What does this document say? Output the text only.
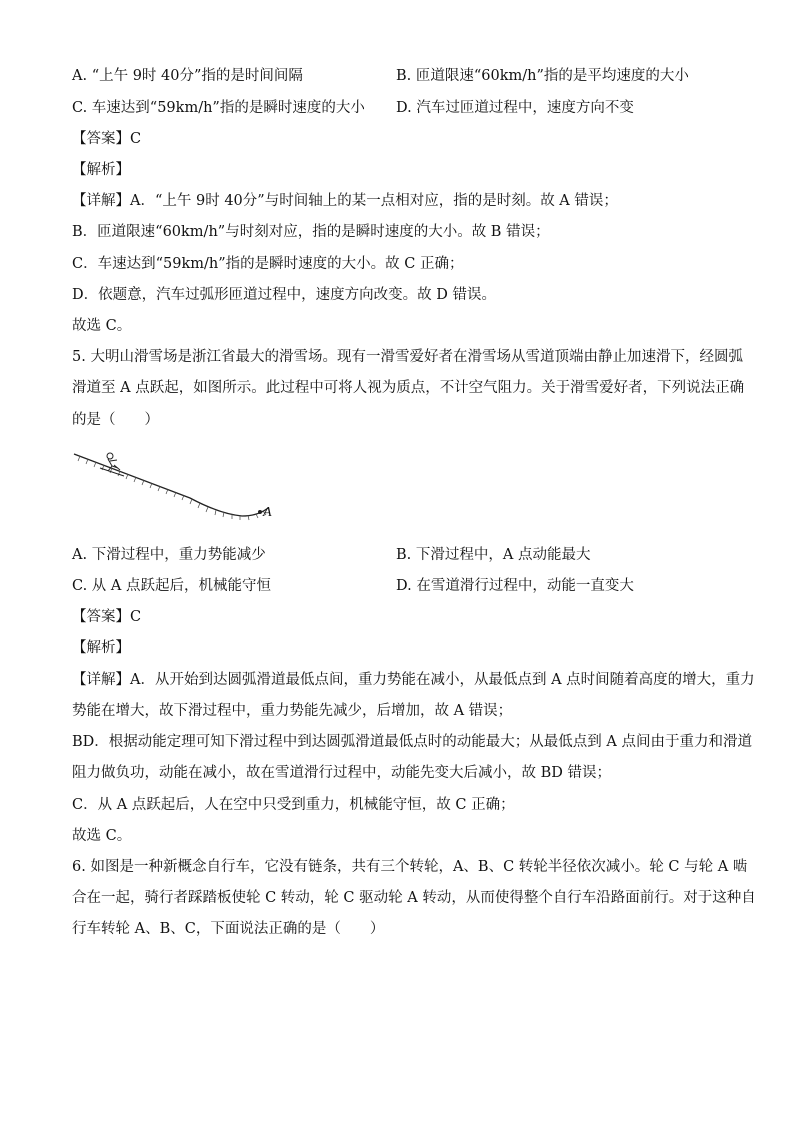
A. “上午 9时 40分”指的是时间间隔	B. 匝道限速“60km/h”指的是平均速度的大小
C. 车速达到“59km/h”指的是瞬时速度的大小 D. 汽车过匝道过程中，速度方向不变
【答案】C
【解析】
【详解】A．“上午 9时 40分”与时间轴上的某一点相对应，指的是时刻。故 A 错误；
B．匝道限速“60km/h”与时刻对应，指的是瞬时速度的大小。故 B 错误；
C．车速达到“59km/h”指的是瞬时速度的大小。故 C 正确；
D．依题意，汽车过弧形匝道过程中，速度方向改变。故 D 错误。
故选 C。
5. 大明山滑雪场是浙江省最大的滑雪场。现有一滑雪爱好者在滑雪场从雪道顶端由静止加速滑下，经圆弧
滑道至 A 点跃起，如图所示。此过程中可将人视为质点，不计空气阻力。关于滑雪爱好者，下列说法正确
的是（　　）
A
A. 下滑过程中，重力势能减少	B. 下滑过程中，A 点动能最大
C. 从 A 点跃起后，机械能守恒	D. 在雪道滑行过程中，动能一直变大
【答案】C
【解析】
【详解】A．从开始到达圆弧滑道最低点间，重力势能在减小，从最低点到 A 点时间随着高度的增大，重力
势能在增大，故下滑过程中，重力势能先减少，后增加，故 A 错误；
BD．根据动能定理可知下滑过程中到达圆弧滑道最低点时的动能最大；从最低点到 A 点间由于重力和滑道
阻力做负功，动能在减小，故在雪道滑行过程中，动能先变大后减小，故 BD 错误；
C．从 A 点跃起后，人在空中只受到重力，机械能守恒，故 C 正确；
故选 C。
6. 如图是一种新概念自行车，它没有链条，共有三个转轮，A、B、C 转轮半径依次减小。轮 C 与轮 A 啮
合在一起，骑行者踩踏板使轮 C 转动，轮 C 驱动轮 A 转动，从而使得整个自行车沿路面前行。对于这种自
行车转轮 A、B、C，下面说法正确的是（　　）
